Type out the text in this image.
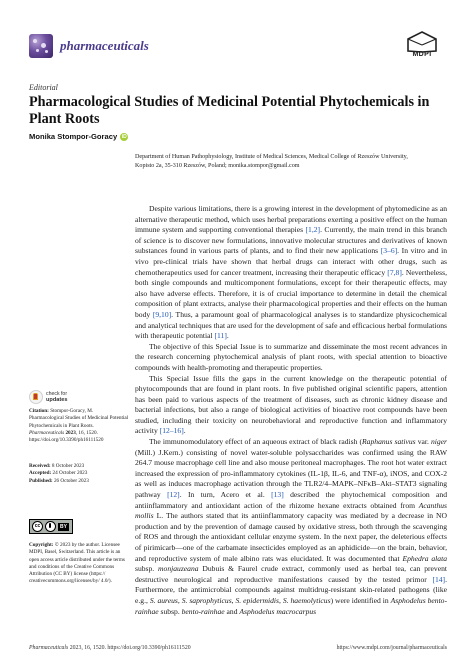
pharmaceuticals
MDPI
Editorial
Pharmacological Studies of Medicinal Potential Phytochemicals in Plant Roots
Monika Stompor-Goracy iD
Department of Human Pathophysiology, Institute of Medical Sciences, Medical College of Rzeszów University,
Kopisto 2a, 35-310 Rzeszów, Poland; monika.stompor@gmail.com

Despite various limitations, there is a growing interest in the development of phytomedicine as an alternative therapeutic method, which uses herbal preparations exerting a positive effect on the human immune system and supporting conventional therapies [1,2]. Currently, the main trend in this branch of science is to discover new formulations, innovative molecular structures and derivatives of known substances found in various parts of plants, and to find their new applications [3–6]. In vitro and in vivo pre-clinical trials have shown that herbal drugs can interact with other drugs, such as chemotherapeutics used for cancer treatment, increasing their therapeutic efficacy [7,8]. Nevertheless, both single compounds and multicomponent formulations, except for their therapeutic effects, may also have adverse effects. Therefore, it is of crucial importance to determine in detail the chemical composition of plant extracts, analyse their pharmacological properties and their effects on the human body [9,10]. Thus, a paramount goal of pharmacological analyses is to standardize physicochemical and analytical techniques that are used for the development of safe and efficacious herbal formulations with therapeutic potential [11].

The objective of this Special Issue is to summarize and disseminate the most recent advances in the research concerning phytochemical analysis of plant roots, with special attention to bioactive compounds with health-promoting and therapeutic properties.

This Special Issue fills the gaps in the current knowledge on the therapeutic potential of phytocompounds that are found in plant roots. In five published original scientific papers, attention has been paid to various aspects of the treatment of diseases, such as chronic kidney disease and bacterial infections, but also a range of biological activities of bioactive root compounds have been studied, including their toxicity on neurobehavioral and reproductive function and inflammatory activity [12–16].

The immunomodulatory effect of an aqueous extract of black radish (Raphanus sativus var. niger (Mill.) J.Kern.) consisting of novel water-soluble polysaccharides was confirmed using the RAW 264.7 mouse macrophage cell line and also mouse peritoneal macrophages. The root hot water extract increased the expression of pro-inflammatory cytokines (IL-1β, IL-6, and TNF-α), iNOS, and COX-2 as well as induces macrophage activation through the TLR2/4–MAPK–NFκB–Akt–STAT3 signaling pathway [12]. In turn, Acero et al. [13] described the phytochemical composition and antiinflammatory and antioxidant action of the rhizome hexane extracts obtained from Acanthus mollis L. The authors stated that its antiinflammatory capacity was mediated by a decrease in NO production and by the prevention of damage caused by oxidative stress, both through the scavenging of ROS and through the antioxidant cellular enzyme system. In the next paper, the deleterious effects of pirimicarb—one of the carbamate insecticides employed as an aphidicide—on the brain, behavior, and reproductive system of male albino rats was elucidated. It was documented that Ephedra alata subsp. monjauzeana Dubuis & Faurel crude extract, commonly used as herbal tea, can prevent destructive neurological and reproductive manifestations caused by the tested primor [14]. Furthermore, the antimicrobial compounds against multidrug-resistant skin-related pathogens (like e.g., S. aureus, S. saprophyticus, S. epidermidis, S. haemolyticus) were identified in Asphodelus bento-rainhae subsp. bento-rainhae and Asphodelus macrocarpus

check for
updates
Citation: Stompor-Goracy, M. Pharmacological Studies of Medicinal Potential Phytochemicals in Plant Roots. Pharmaceuticals 2023, 16, 1520. https://doi.org/10.3390/ph16111520
Received: 8 October 2023
Accepted: 24 October 2023
Published: 26 October 2023
cc	BY
Copyright: © 2023 by the author. Licensee MDPI, Basel, Switzerland. This article is an open access article distributed under the terms and conditions of the Creative Commons Attribution (CC BY) license (https:// creativecommons.org/licenses/by/ 4.0/).
Pharmaceuticals 2023, 16, 1520. https://doi.org/10.3390/ph16111520	https://www.mdpi.com/journal/pharmaceuticals
